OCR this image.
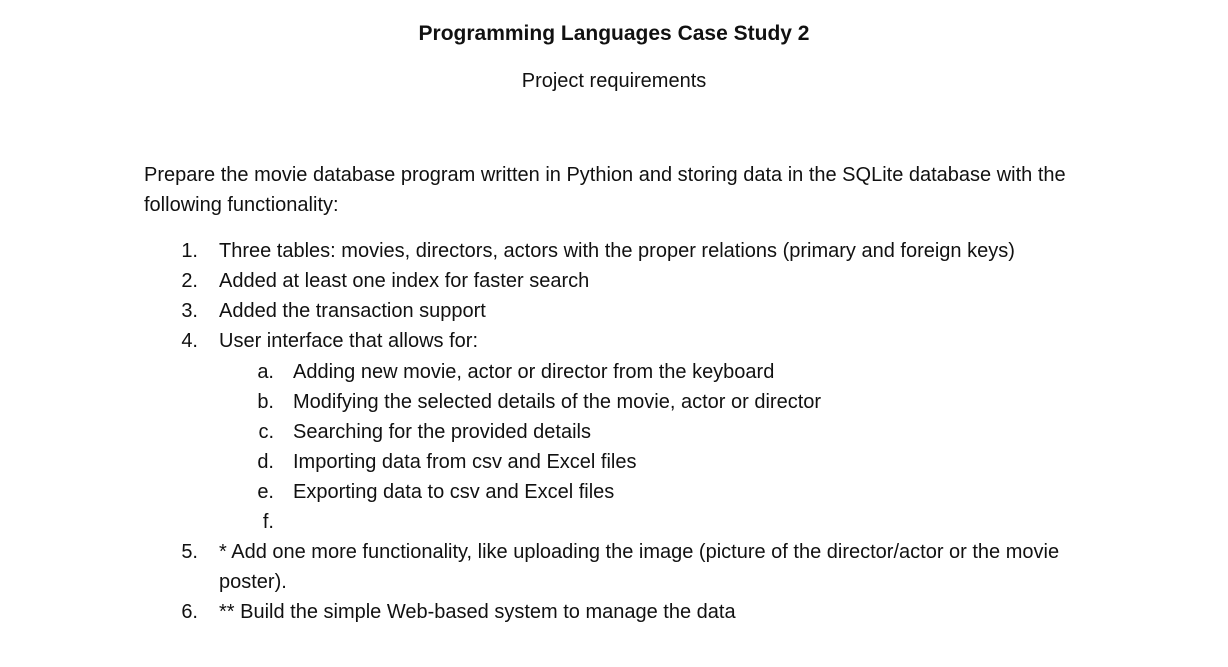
Programming Languages Case Study 2
Project requirements

Prepare the movie database program written in Pythion and storing data in the SQLite database with the following functionality:

1. Three tables: movies, directors, actors with the proper relations (primary and foreign keys)
2. Added at least one index for faster search
3. Added the transaction support
4. User interface that allows for:
a. Adding new movie, actor or director from the keyboard
b. Modifying the selected details of the movie, actor or director
c. Searching for the provided details
d. Importing data from csv and Excel files
e. Exporting data to csv and Excel files
f.
5. * Add one more functionality, like uploading the image (picture of the director/actor or the movie poster).
6. ** Build the simple Web-based system to manage the data
